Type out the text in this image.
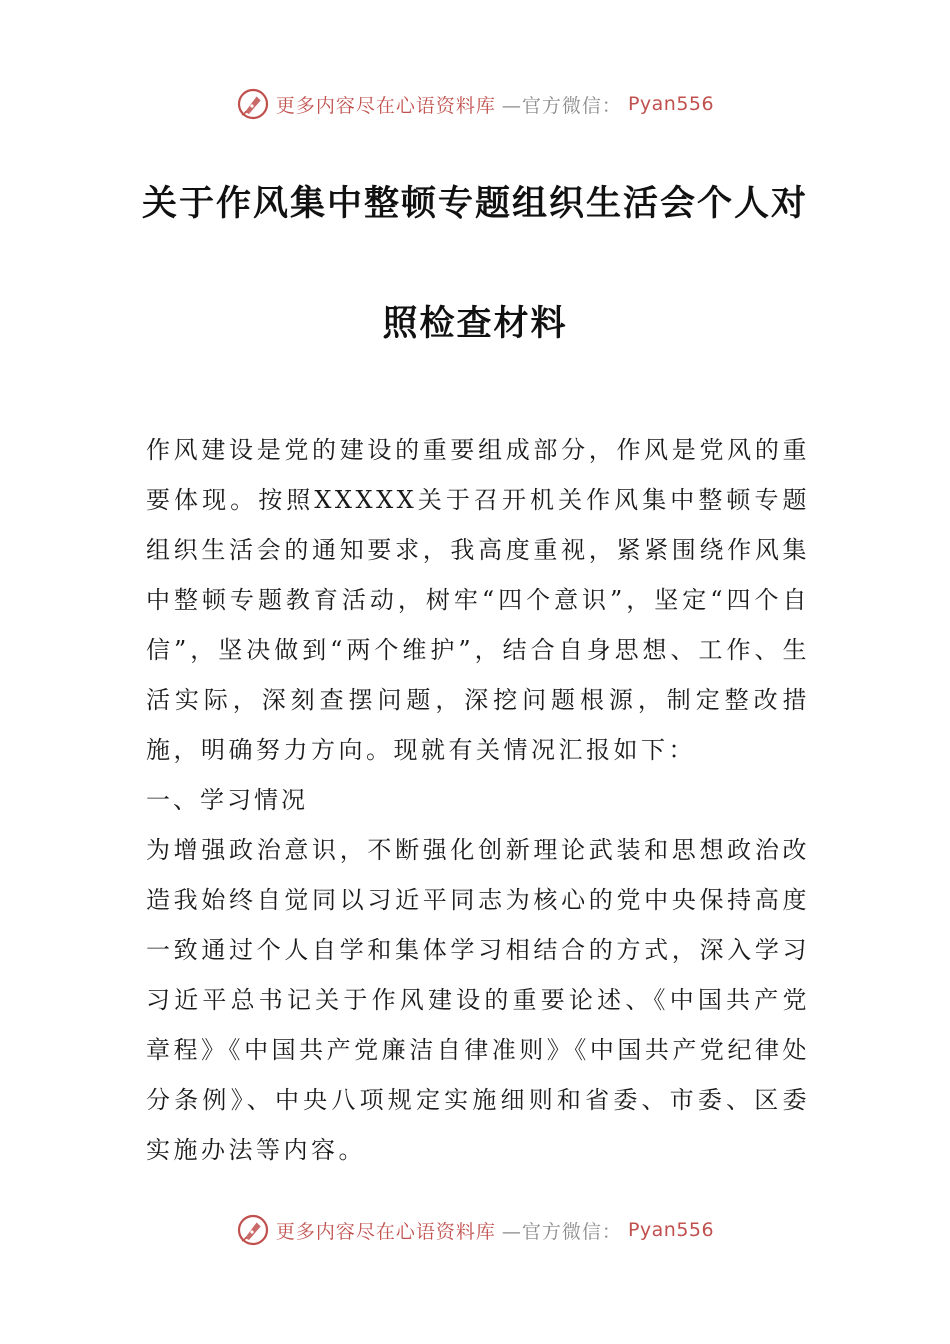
更多内容尽在心语资料库 —官方微信： Pyan556
关于作风集中整顿专题组织生活会个人对
照检查材料

作风建设是党的建设的重要组成部分，作风是党风的重要体现。按照XXXXX关于召开机关作风集中整顿专题组织生活会的通知要求，我高度重视，紧紧围绕作风集中整顿专题教育活动，树牢“四个意识”，坚定“四个自信”，坚决做到“两个维护”，结合自身思想、工作、生活实际，深刻查摆问题，深挖问题根源，制定整改措施，明确努力方向。现就有关情况汇报如下：

一、学习情况

为增强政治意识，不断强化创新理论武装和思想政治改造我始终自觉同以习近平同志为核心的党中央保持高度一致通过个人自学和集体学习相结合的方式，深入学习习近平总书记关于作风建设的重要论述、《中国共产党章程》《中国共产党廉洁自律准则》《中国共产党纪律处分条例》、中央八项规定实施细则和省委、市委、区委实施办法等内容。

更多内容尽在心语资料库 —官方微信： Pyan556
